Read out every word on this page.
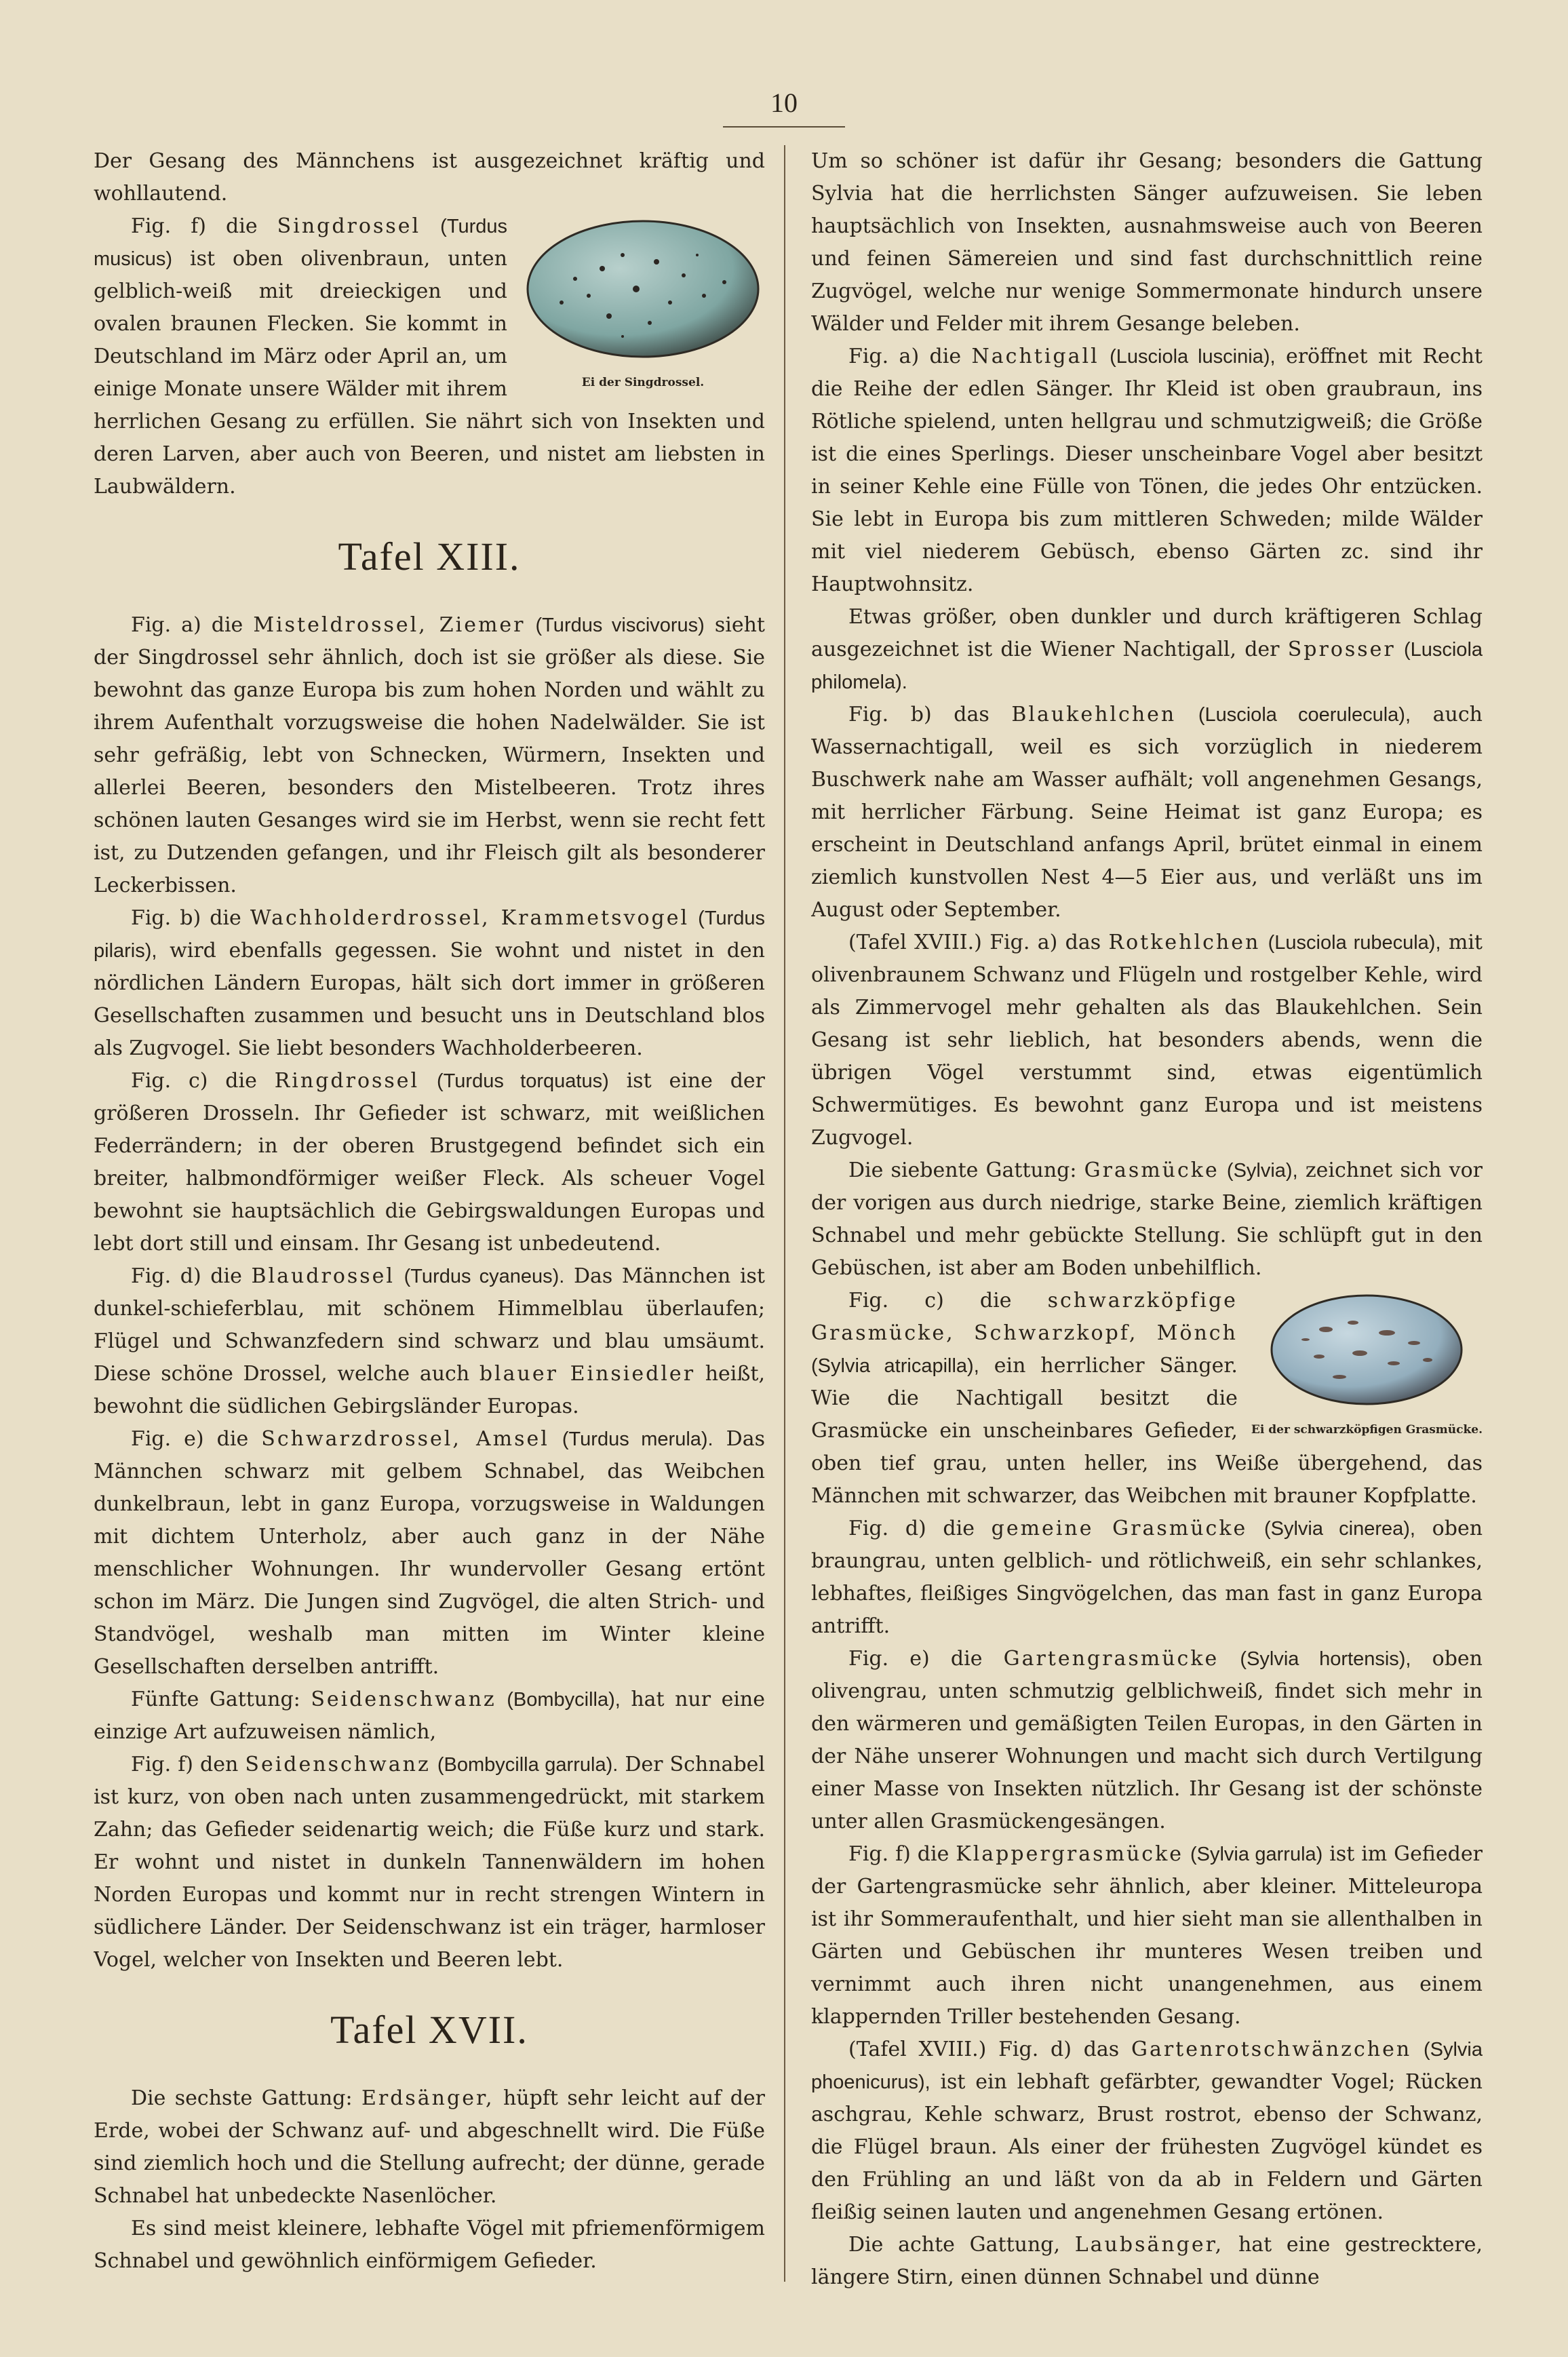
10

Der Gesang des Männchens ist ausgezeichnet kräftig und wohllautend.

Ei der Singdrossel.
Fig. f) die Singdrossel (Turdus musicus) ist oben olivenbraun, unten gelblich-weiß mit dreieckigen und ovalen braunen Flecken. Sie kommt in Deutschland im März oder April an, um einige Monate unsere Wälder mit ihrem herrlichen Gesang zu erfüllen. Sie nährt sich von Insekten und deren Larven, aber auch von Beeren, und nistet am liebsten in Laubwäldern.

Tafel XIII.

Fig. a) die Misteldrossel, Ziemer (Turdus viscivorus) sieht der Singdrossel sehr ähnlich, doch ist sie größer als diese. Sie bewohnt das ganze Europa bis zum hohen Norden und wählt zu ihrem Aufenthalt vorzugsweise die hohen Nadelwälder. Sie ist sehr gefräßig, lebt von Schnecken, Würmern, Insekten und allerlei Beeren, besonders den Mistelbeeren. Trotz ihres schönen lauten Gesanges wird sie im Herbst, wenn sie recht fett ist, zu Dutzenden gefangen, und ihr Fleisch gilt als besonderer Leckerbissen.

Fig. b) die Wachholderdrossel, Krammetsvogel (Turdus pilaris), wird ebenfalls gegessen. Sie wohnt und nistet in den nördlichen Ländern Europas, hält sich dort immer in größeren Gesellschaften zusammen und besucht uns in Deutschland blos als Zugvogel. Sie liebt besonders Wachholderbeeren.

Fig. c) die Ringdrossel (Turdus torquatus) ist eine der größeren Drosseln. Ihr Gefieder ist schwarz, mit weißlichen Federrändern; in der oberen Brustgegend befindet sich ein breiter, halbmondförmiger weißer Fleck. Als scheuer Vogel bewohnt sie hauptsächlich die Gebirgswaldungen Europas und lebt dort still und einsam. Ihr Gesang ist unbedeutend.

Fig. d) die Blaudrossel (Turdus cyaneus). Das Männchen ist dunkel-schieferblau, mit schönem Himmelblau überlaufen; Flügel und Schwanzfedern sind schwarz und blau umsäumt. Diese schöne Drossel, welche auch blauer Einsiedler heißt, bewohnt die südlichen Gebirgsländer Europas.

Fig. e) die Schwarzdrossel, Amsel (Turdus merula). Das Männchen schwarz mit gelbem Schnabel, das Weibchen dunkelbraun, lebt in ganz Europa, vorzugsweise in Waldungen mit dichtem Unterholz, aber auch ganz in der Nähe menschlicher Wohnungen. Ihr wundervoller Gesang ertönt schon im März. Die Jungen sind Zugvögel, die alten Strich- und Standvögel, weshalb man mitten im Winter kleine Gesellschaften derselben antrifft.

Fünfte Gattung: Seidenschwanz (Bombycilla), hat nur eine einzige Art aufzuweisen nämlich,

Fig. f) den Seidenschwanz (Bombycilla garrula). Der Schnabel ist kurz, von oben nach unten zusammengedrückt, mit starkem Zahn; das Gefieder seidenartig weich; die Füße kurz und stark. Er wohnt und nistet in dunkeln Tannenwäldern im hohen Norden Europas und kommt nur in recht strengen Wintern in südlichere Länder. Der Seidenschwanz ist ein träger, harmloser Vogel, welcher von Insekten und Beeren lebt.

Tafel XVII.

Die sechste Gattung: Erdsänger, hüpft sehr leicht auf der Erde, wobei der Schwanz auf- und abgeschnellt wird. Die Füße sind ziemlich hoch und die Stellung aufrecht; der dünne, gerade Schnabel hat unbedeckte Nasenlöcher.

Es sind meist kleinere, lebhafte Vögel mit pfriemenförmigem Schnabel und gewöhnlich einförmigem Gefieder.

Um so schöner ist dafür ihr Gesang; besonders die Gattung Sylvia hat die herrlichsten Sänger aufzuweisen. Sie leben hauptsächlich von Insekten, ausnahmsweise auch von Beeren und feinen Sämereien und sind fast durchschnittlich reine Zugvögel, welche nur wenige Sommermonate hindurch unsere Wälder und Felder mit ihrem Gesange beleben.

Fig. a) die Nachtigall (Lusciola luscinia), eröffnet mit Recht die Reihe der edlen Sänger. Ihr Kleid ist oben graubraun, ins Rötliche spielend, unten hellgrau und schmutzigweiß; die Größe ist die eines Sperlings. Dieser unscheinbare Vogel aber besitzt in seiner Kehle eine Fülle von Tönen, die jedes Ohr entzücken. Sie lebt in Europa bis zum mittleren Schweden; milde Wälder mit viel niederem Gebüsch, ebenso Gärten zc. sind ihr Hauptwohnsitz.

Etwas größer, oben dunkler und durch kräftigeren Schlag ausgezeichnet ist die Wiener Nachtigall, der Sprosser (Lusciola philomela).

Fig. b) das Blaukehlchen (Lusciola coerulecula), auch Wassernachtigall, weil es sich vorzüglich in niederem Buschwerk nahe am Wasser aufhält; voll angenehmen Gesangs, mit herrlicher Färbung. Seine Heimat ist ganz Europa; es erscheint in Deutschland anfangs April, brütet einmal in einem ziemlich kunstvollen Nest 4—5 Eier aus, und verläßt uns im August oder September.

(Tafel XVIII.) Fig. a) das Rotkehlchen (Lusciola rubecula), mit olivenbraunem Schwanz und Flügeln und rostgelber Kehle, wird als Zimmervogel mehr gehalten als das Blaukehlchen. Sein Gesang ist sehr lieblich, hat besonders abends, wenn die übrigen Vögel verstummt sind, etwas eigentümlich Schwermütiges. Es bewohnt ganz Europa und ist meistens Zugvogel.

Die siebente Gattung: Grasmücke (Sylvia), zeichnet sich vor der vorigen aus durch niedrige, starke Beine, ziemlich kräftigen Schnabel und mehr gebückte Stellung. Sie schlüpft gut in den Gebüschen, ist aber am Boden unbehilflich.

Ei der schwarzköpfigen Grasmücke.
Fig. c) die schwarzköpfige Grasmücke, Schwarzkopf, Mönch (Sylvia atricapilla), ein herrlicher Sänger. Wie die Nachtigall besitzt die Grasmücke ein unscheinbares Gefieder, oben tief grau, unten heller, ins Weiße übergehend, das Männchen mit schwarzer, das Weibchen mit brauner Kopfplatte.

Fig. d) die gemeine Grasmücke (Sylvia cinerea), oben braungrau, unten gelblich- und rötlichweiß, ein sehr schlankes, lebhaftes, fleißiges Singvögelchen, das man fast in ganz Europa antrifft.

Fig. e) die Gartengrasmücke (Sylvia hortensis), oben olivengrau, unten schmutzig gelblichweiß, findet sich mehr in den wärmeren und gemäßigten Teilen Europas, in den Gärten in der Nähe unserer Wohnungen und macht sich durch Vertilgung einer Masse von Insekten nützlich. Ihr Gesang ist der schönste unter allen Grasmückengesängen.

Fig. f) die Klappergrasmücke (Sylvia garrula) ist im Gefieder der Gartengrasmücke sehr ähnlich, aber kleiner. Mitteleuropa ist ihr Sommeraufenthalt, und hier sieht man sie allenthalben in Gärten und Gebüschen ihr munteres Wesen treiben und vernimmt auch ihren nicht unangenehmen, aus einem klappernden Triller bestehenden Gesang.

(Tafel XVIII.) Fig. d) das Gartenrotschwänzchen (Sylvia phoenicurus), ist ein lebhaft gefärbter, gewandter Vogel; Rücken aschgrau, Kehle schwarz, Brust rostrot, ebenso der Schwanz, die Flügel braun. Als einer der frühesten Zugvögel kündet es den Frühling an und läßt von da ab in Feldern und Gärten fleißig seinen lauten und angenehmen Gesang ertönen.

Die achte Gattung, Laubsänger, hat eine gestrecktere, längere Stirn, einen dünnen Schnabel und dünne
